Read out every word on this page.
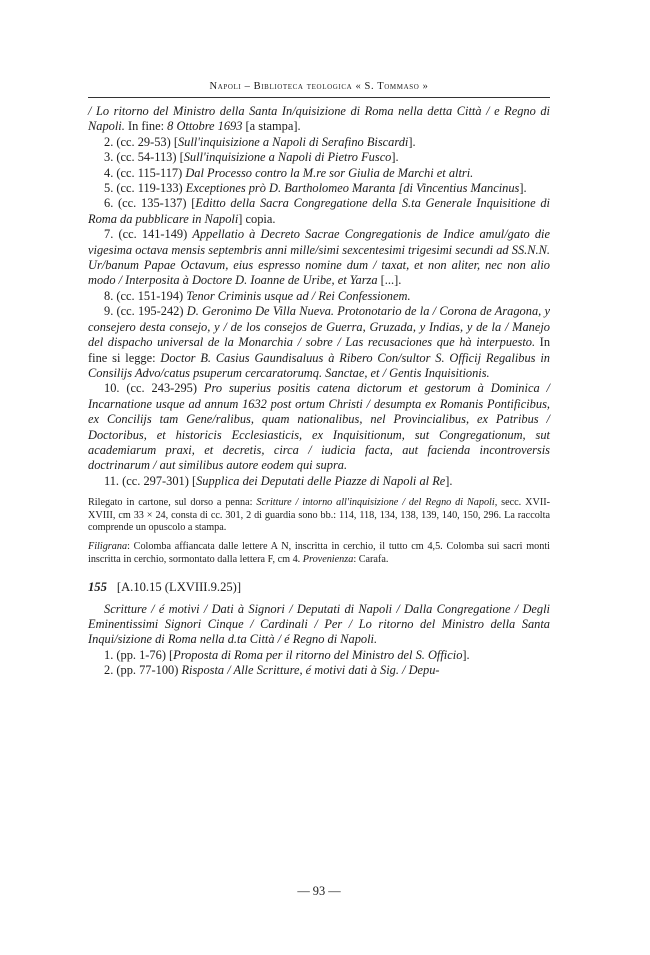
Napoli – Biblioteca teologica « S. Tommaso »

/ Lo ritorno del Ministro della Santa In/quisizione di Roma nella detta Città / e Regno di Napoli. In fine: 8 Ottobre 1693 [a stampa].

2. (cc. 29-53) [Sull'inquisizione a Napoli di Serafino Biscardi].

3. (cc. 54-113) [Sull'inquisizione a Napoli di Pietro Fusco].

4. (cc. 115-117) Dal Processo contro la M.re sor Giulia de Marchi et altri.

5. (cc. 119-133) Exceptiones prò D. Bartholomeo Maranta [di Vincentius Mancinus].

6. (cc. 135-137) [Editto della Sacra Congregatione della S.ta Generale Inquisitione di Roma da pubblicare in Napoli] copia.

7. (cc. 141-149) Appellatio à Decreto Sacrae Congregationis de Indice amul/gato die vigesima octava mensis septembris anni mille/simi sexcentesimi trigesimi secundi ad SS.N.N. Ur/banum Papae Octavum, eius espresso nomine dum / taxat, et non aliter, nec non alio modo / Interposita à Doctore D. Ioanne de Uribe, et Yarza [...].

8. (cc. 151-194) Tenor Criminis usque ad / Rei Confessionem.

9. (cc. 195-242) D. Geronimo De Villa Nueva. Protonotario de la / Corona de Aragona, y consejero desta consejo, y / de los consejos de Guerra, Gruzada, y Indias, y de la / Manejo del dispacho universal de la Monarchia / sobre / Las recusaciones que hà interpuesto. In fine si legge: Doctor B. Casius Gaundisaluus à Ribero Con/sultor S. Officij Regalibus in Consilijs Advo/catus psuperum cercaratorumq. Sanctae, et / Gentis Inquisitionis.

10. (cc. 243-295) Pro superius positis catena dictorum et gestorum à Dominica / Incarnatione usque ad annum 1632 post ortum Christi / desumpta ex Romanis Pontificibus, ex Concilijs tam Gene/ralibus, quam nationalibus, nel Provincialibus, ex Patribus / Doctoribus, et historicis Ecclesiasticis, ex Inquisitionum, sut Congregationum, sut academiarum praxi, et decretis, circa / iudicia facta, aut facienda incontroversis doctrinarum / aut similibus autore eodem qui supra.

11. (cc. 297-301) [Supplica dei Deputati delle Piazze di Napoli al Re].

Rilegato in cartone, sul dorso a penna: Scritture / intorno all'inquisizione / del Regno di Napoli, secc. XVII-XVIII, cm 33 × 24, consta di cc. 301, 2 di guardia sono bb.: 114, 118, 134, 138, 139, 140, 150, 296. La raccolta comprende un opuscolo a stampa.

Filigrana: Colomba affiancata dalle lettere A N, inscritta in cerchio, il tutto cm 4,5. Colomba sui sacri monti inscritta in cerchio, sormontato dalla lettera F, cm 4. Provenienza: Carafa.

155 [A.10.15 (LXVIII.9.25)]

Scritture / é motivi / Dati à Signori / Deputati di Napoli / Dalla Congregatione / Degli Eminentissimi Signori Cinque / Cardinali / Per / Lo ritorno del Ministro della Santa Inqui/sizione di Roma nella d.ta Città / é Regno di Napoli.

1. (pp. 1-76) [Proposta di Roma per il ritorno del Ministro del S. Officio].

2. (pp. 77-100) Risposta / Alle Scritture, é motivi dati à Sig. / Depu-

— 93 —
